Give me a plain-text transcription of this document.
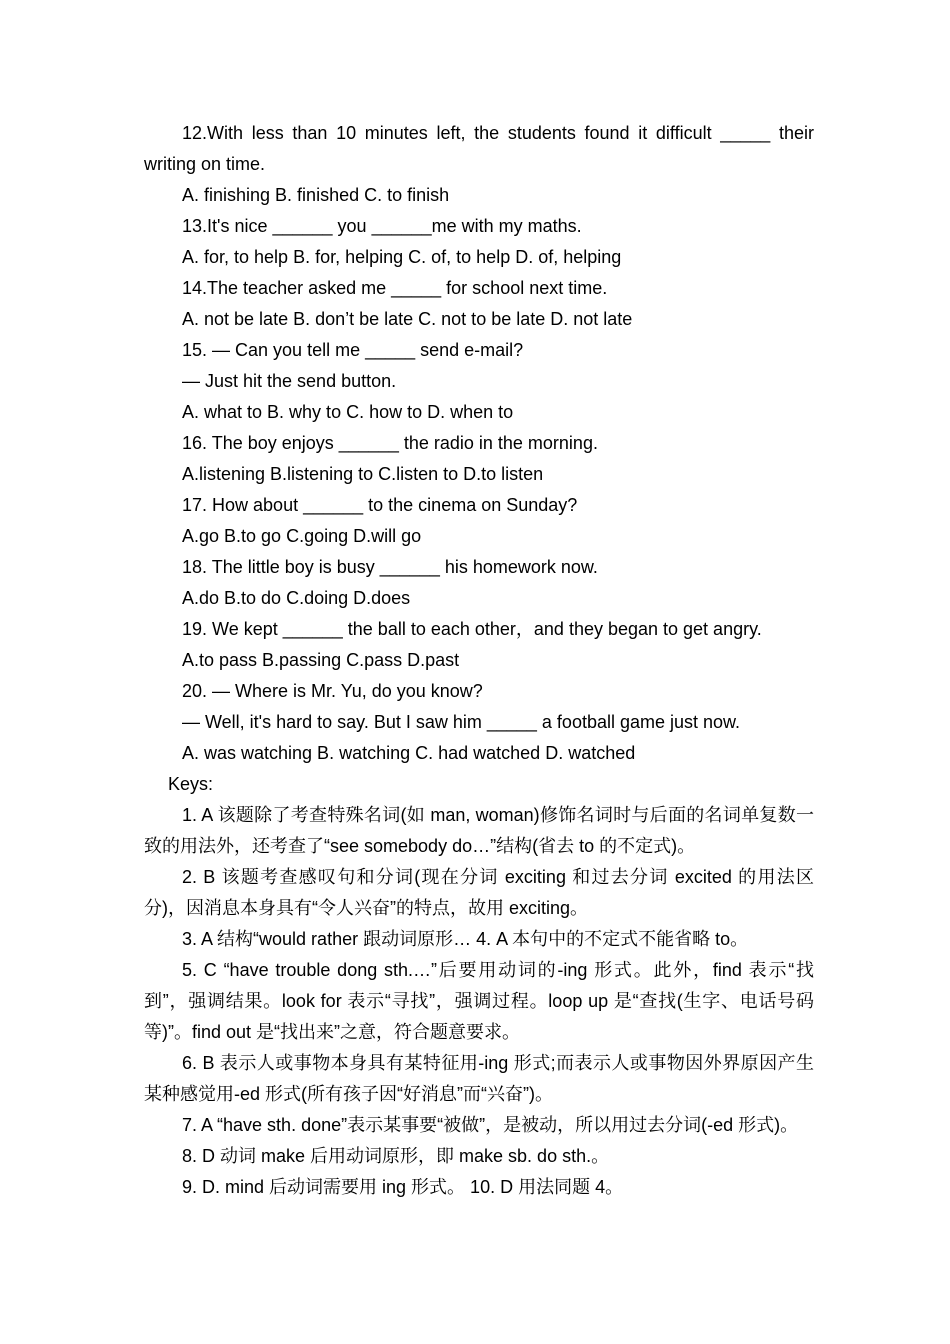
12.With less than 10 minutes left, the students found it difficult _____ their writing on time.
A. finishing B. finished C. to finish
13.It's nice ______ you ______me with my maths.
A. for, to help B. for, helping C. of, to help D. of, helping
14.The teacher asked me _____ for school next time.
A. not be late B. don’t be late C. not to be late D. not late
15. — Can you tell me _____ send e-mail?
— Just hit the send button.
A. what to B. why to C. how to D. when to
16. The boy enjoys ______ the radio in the morning.
A.listening B.listening to C.listen to D.to listen
17. How about ______ to the cinema on Sunday?
A.go B.to go C.going D.will go
18. The little boy is busy ______ his homework now.
A.do B.to do C.doing D.does
19. We kept ______ the ball to each other，and they began to get angry.
A.to pass B.passing C.pass D.past
20. — Where is Mr. Yu, do you know?
— Well, it's hard to say. But I saw him _____ a football game just now.
A. was watching B. watching C. had watched D. watched
Keys:
1. A 该题除了考查特殊名词(如 man, woman)修饰名词时与后面的名词单复数一致的用法外，还考查了“see somebody do…”结构(省去 to 的不定式)。
2. B 该题考查感叹句和分词(现在分词 exciting 和过去分词 excited 的用法区分)，因消息本身具有“令人兴奋”的特点，故用 exciting。
3. A 结构“would rather 跟动词原形… 4. A 本句中的不定式不能省略 to。
5. C “have trouble dong sth.…”后要用动词的-ing 形式。此外，find 表示“找到”，强调结果。look for 表示“寻找”，强调过程。loop up 是“查找(生字、电话号码等)”。find out 是“找出来”之意，符合题意要求。
6. B 表示人或事物本身具有某特征用-ing 形式;而表示人或事物因外界原因产生某种感觉用-ed 形式(所有孩子因“好消息”而“兴奋”)。
7. A “have sth. done”表示某事要“被做”，是被动，所以用过去分词(-ed 形式)。
8. D 动词 make 后用动词原形，即 make sb. do sth.。
9. D. mind 后动词需要用 ing 形式。 10. D 用法同题 4。
